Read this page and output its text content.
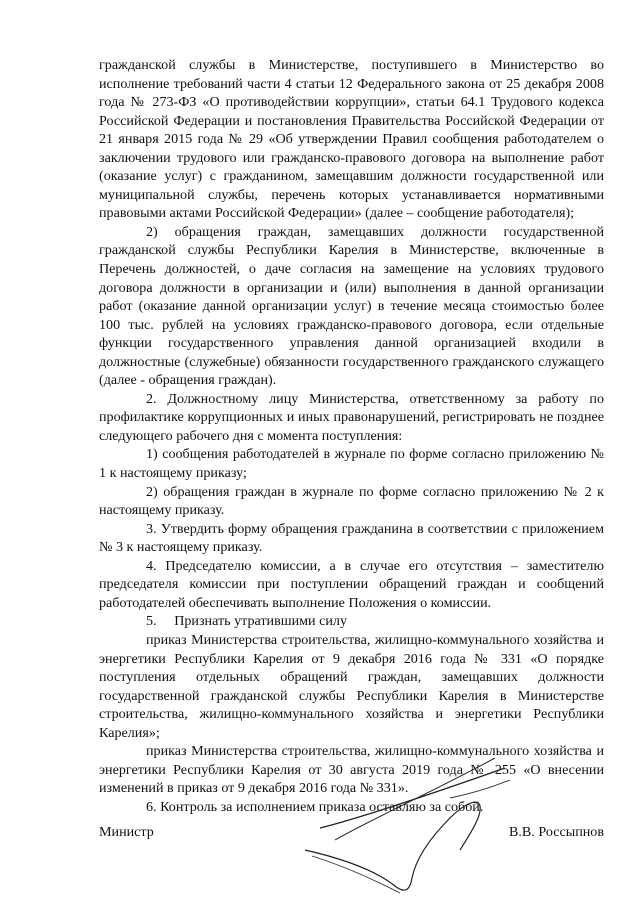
гражданской службы в Министерстве, поступившего в Министерство во исполнение требований части 4 статьи 12 Федерального закона от 25 декабря 2008 года № 273-ФЗ «О противодействии коррупции», статьи 64.1 Трудового кодекса Российской Федерации и постановления Правительства Российской Федерации от 21 января 2015 года № 29 «Об утверждении Правил сообщения работодателем о заключении трудового или гражданско-правового договора на выполнение работ (оказание услуг) с гражданином, замещавшим должности государственной или муниципальной службы, перечень которых устанавливается нормативными правовыми актами Российской Федерации» (далее – сообщение работодателя);

2) обращения граждан, замещавших должности государственной гражданской службы Республики Карелия в Министерстве, включенные в Перечень должностей, о даче согласия на замещение на условиях трудового договора должности в организации и (или) выполнения в данной организации работ (оказание данной организации услуг) в течение месяца стоимостью более 100 тыс. рублей на условиях гражданско-правового договора, если отдельные функции государственного управления данной организацией входили в должностные (служебные) обязанности государственного гражданского служащего (далее - обращения граждан).

2. Должностному лицу Министерства, ответственному за работу по профилактике коррупционных и иных правонарушений, регистрировать не позднее следующего рабочего дня с момента поступления:

1) сообщения работодателей в журнале по форме согласно приложению № 1 к настоящему приказу;

2) обращения граждан в журнале по форме согласно приложению № 2 к настоящему приказу.

3. Утвердить форму обращения гражданина в соответствии с приложением № 3 к настоящему приказу.

4. Председателю комиссии, а в случае его отсутствия – заместителю председателя комиссии при поступлении обращений граждан и сообщений работодателей обеспечивать выполнение Положения о комиссии.

5.     Признать утратившими силу

приказ Министерства строительства, жилищно-коммунального хозяйства и энергетики Республики Карелия от 9 декабря 2016 года № 331 «О порядке поступления отдельных обращений граждан, замещавших должности государственной гражданской службы Республики Карелия в Министерстве строительства, жилищно-коммунального хозяйства и энергетики Республики Карелия»;

приказ Министерства строительства, жилищно-коммунального хозяйства и энергетики Республики Карелия от 30 августа 2019 года № 255 «О внесении изменений в приказ от 9 декабря 2016 года № 331».

6. Контроль за исполнением приказа оставляю за собой.

Министр	В.В. Россыпнов
